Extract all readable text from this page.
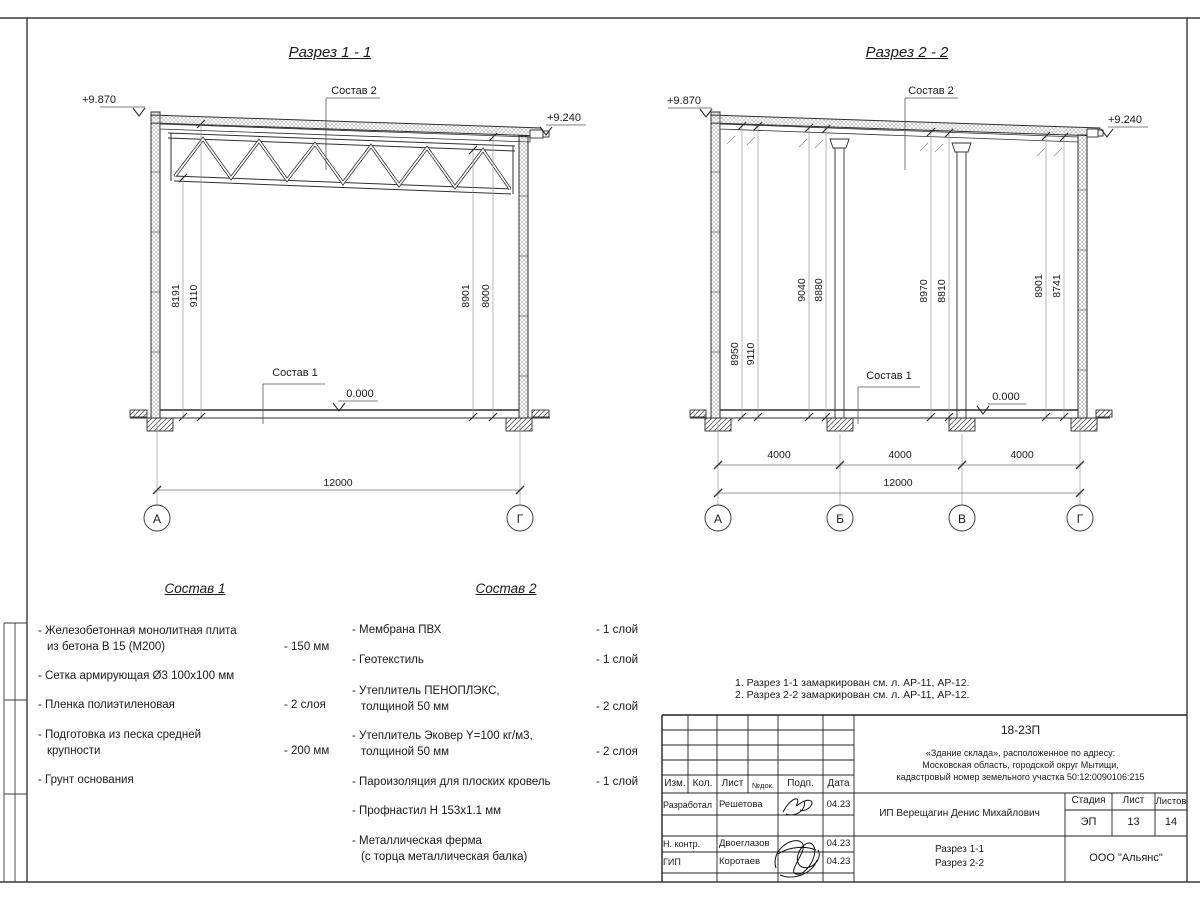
Разрез 1 - 1
+9.870
+9.240
Состав 2
Состав 1
0.000
8191 9110	8901 8000
12000
А	Г
Разрез 2 - 2
+9.870
+9.240
Состав 2
Состав 1
0.000
8950 9110
9040 8880	8970 8810	8901 8741
4000	4000	4000
12000
А	Б	В	Г
Состав 1
- Железобетонная монолитная плита
из бетона В 15 (М200)	- 150 мм
- Сетка армирующая Ø3 100x100 мм
- Пленка полиэтиленовая	- 2 слоя
- Подготовка из песка средней
крупности	- 200 мм
- Грунт основания
Состав 2
- Мембрана ПВХ	- 1 слой
- Геотекстиль	- 1 слой
- Утеплитель ПЕНОПЛЭКС,
толщиной 50 мм	- 2 слой
- Утеплитель Эковер Y=100 кг/м3,
толщиной 50 мм	- 2 слоя
- Пароизоляция для плоских кровель	- 1 слой
- Профнастил Н 153x1.1 мм
- Металлическая ферма
(с торца металлическая балка)
1. Разрез 1-1 замаркирован см. л. АР-11, АР-12.
2. Разрез 2-2 замаркирован см. л. АР-11, АР-12.
Изм. Кол. Лист	№док.	Подп.	Дата
Разработал Решетова	04.23
Н. контр. Двоеглазов	04.23
ГИП	Коротаев	04.23
18-23П
«Здание склада», расположенное по адресу:
Московская область, городской округ Мытищи,
кадастровый номер земельного участка 50:12:0090106:215
ИП Верещагин Денис Михайлович
Стадия	Лист	Листов
ЭП	13	14
Разрез 1-1
Разрез 2-2	ООО "Альянс"
